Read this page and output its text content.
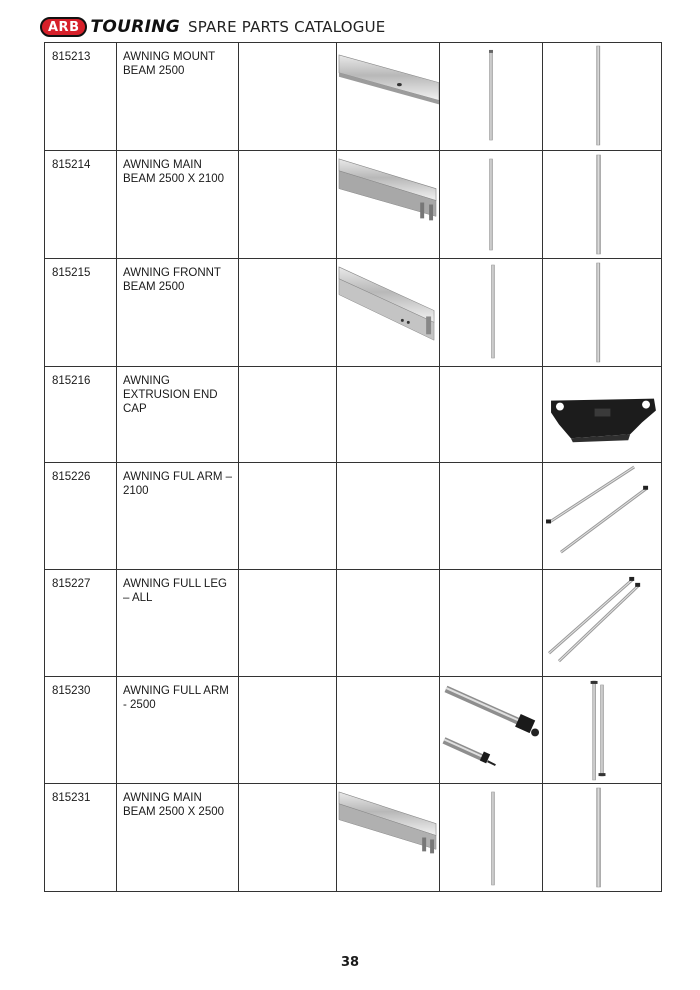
ARB TOURING SPARE PARTS CATALOGUE
815213	AWNING MOUNT BEAM 2500		

815214	AWNING MAIN BEAM 2500 X 2100		

815215	AWNING FRONNT BEAM 2500		

815216	AWNING EXTRUSION END CAP				

815226	AWNING FUL ARM – 2100				

815227	AWNING FULL LEG – ALL				

815230	AWNING FULL ARM - 2500			

815231	AWNING MAIN BEAM 2500 X 2500		

38
